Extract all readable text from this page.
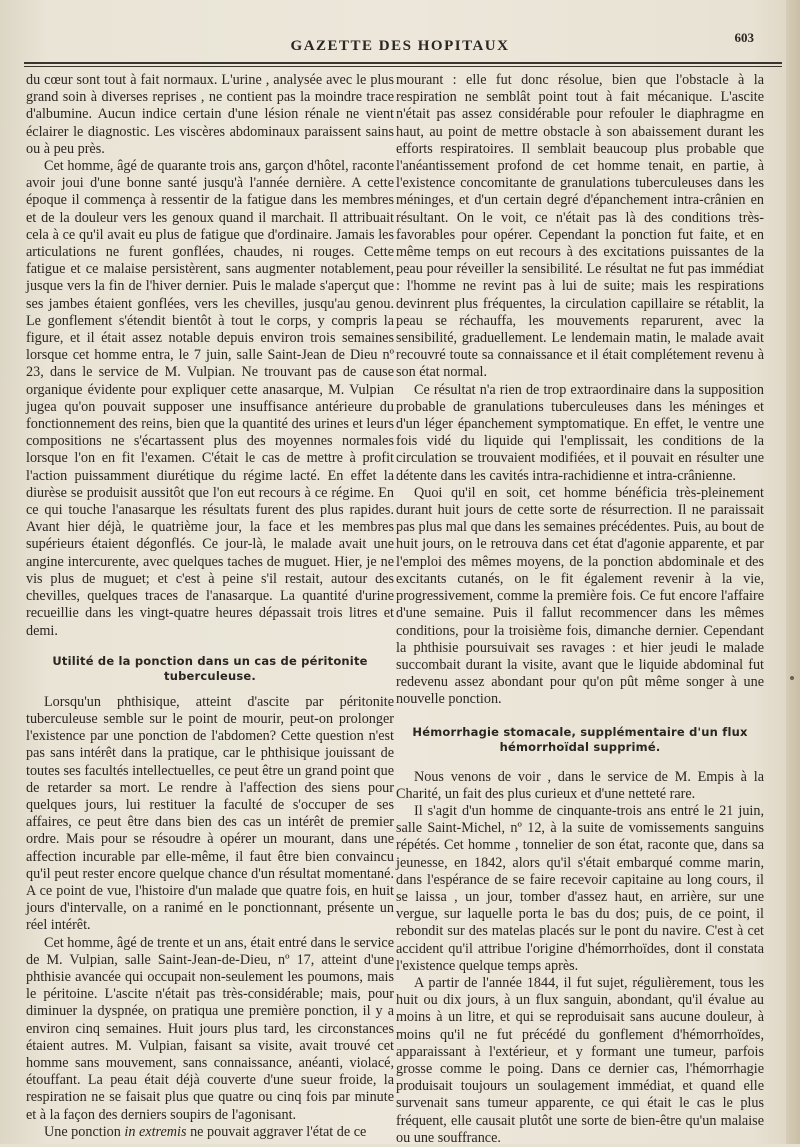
GAZETTE DES HOPITAUX
603

du cœur sont tout à fait normaux. L'urine , analysée avec le plus grand soin à diverses reprises , ne contient pas la moindre trace d'albumine. Aucun indice certain d'une lésion rénale ne vient éclairer le diagnostic. Les viscères abdominaux paraissent sains ou à peu près.

Cet homme, âgé de quarante trois ans, garçon d'hôtel, raconte avoir joui d'une bonne santé jusqu'à l'année dernière. A cette époque il commença à ressentir de la fatigue dans les membres et de la douleur vers les genoux quand il marchait. Il attribuait cela à ce qu'il avait eu plus de fatigue que d'ordinaire. Jamais les articulations ne furent gonflées, chaudes, ni rouges. Cette fatigue et ce malaise persistèrent, sans augmenter notablement, jusque vers la fin de l'hiver dernier. Puis le malade s'aperçut que ses jambes étaient gonflées, vers les chevilles, jusqu'au genou. Le gonflement s'étendit bientôt à tout le corps, y compris la figure, et il était assez notable depuis environ trois semaines lorsque cet homme entra, le 7 juin, salle Saint-Jean de Dieu nº 23, dans le service de M. Vulpian. Ne trouvant pas de cause organique évidente pour expliquer cette anasarque, M. Vulpian jugea qu'on pouvait supposer une insuffisance antérieure du fonctionnement des reins, bien que la quantité des urines et leurs compositions ne s'écartassent plus des moyennes normales lorsque l'on en fit l'examen. C'était le cas de mettre à profit l'action puissamment diurétique du régime lacté. En effet la diurèse se produisit aussitôt que l'on eut recours à ce régime. En ce qui touche l'anasarque les résultats furent des plus rapides. Avant hier déjà, le quatrième jour, la face et les membres supérieurs étaient dégonflés. Ce jour-là, le malade avait une angine intercurente, avec quelques taches de muguet. Hier, je ne vis plus de muguet; et c'est à peine s'il restait, autour des chevilles, quelques traces de l'anasarque. La quantité d'urine recueillie dans les vingt-quatre heures dépassait trois litres et demi.

Utilité de la ponction dans un cas de péritonite tuberculeuse.

Lorsqu'un phthisique, atteint d'ascite par péritonite tuberculeuse semble sur le point de mourir, peut-on prolonger l'existence par une ponction de l'abdomen? Cette question n'est pas sans intérêt dans la pratique, car le phthisique jouissant de toutes ses facultés intellectuelles, ce peut être un grand point que de retarder sa mort. Le rendre à l'affection des siens pour quelques jours, lui restituer la faculté de s'occuper de ses affaires, ce peut être dans bien des cas un intérêt de premier ordre. Mais pour se résoudre à opérer un mourant, dans une affection incurable par elle-même, il faut être bien convaincu qu'il peut rester encore quelque chance d'un résultat momentané. A ce point de vue, l'histoire d'un malade que quatre fois, en huit jours d'intervalle, on a ranimé en le ponctionnant, présente un réel intérêt.

Cet homme, âgé de trente et un ans, était entré dans le service de M. Vulpian, salle Saint-Jean-de-Dieu, nº 17, atteint d'une phthisie avancée qui occupait non-seulement les poumons, mais le péritoine. L'ascite n'était pas très-considérable; mais, pour diminuer la dyspnée, on pratiqua une première ponction, il y a environ cinq semaines. Huit jours plus tard, les circonstances étaient autres. M. Vulpian, faisant sa visite, avait trouvé cet homme sans mouvement, sans connaissance, anéanti, violacé, étouffant. La peau était déjà couverte d'une sueur froide, la respiration ne se faisait plus que quatre ou cinq fois par minute et à la façon des derniers soupirs de l'agonisant.

Une ponction in extremis ne pouvait aggraver l'état de ce

mourant : elle fut donc résolue, bien que l'obstacle à la respiration ne semblât point tout à fait mécanique. L'ascite n'était pas assez considérable pour refouler le diaphragme en haut, au point de mettre obstacle à son abaissement durant les efforts respiratoires. Il semblait beaucoup plus probable que l'anéantissement profond de cet homme tenait, en partie, à l'existence concomitante de granulations tuberculeuses dans les méninges, et d'un certain degré d'épanchement intra-crânien en résultant. On le voit, ce n'était pas là des conditions très-favorables pour opérer. Cependant la ponction fut faite, et en même temps on eut recours à des excitations puissantes de la peau pour réveiller la sensibilité. Le résultat ne fut pas immédiat : l'homme ne revint pas à lui de suite; mais les respirations devinrent plus fréquentes, la circulation capillaire se rétablit, la peau se réchauffa, les mouvements reparurent, avec la sensibilité, graduellement. Le lendemain matin, le malade avait recouvré toute sa connaissance et il était complétement revenu à son état normal.

Ce résultat n'a rien de trop extraordinaire dans la supposition probable de granulations tuberculeuses dans les méninges et d'un léger épanchement symptomatique. En effet, le ventre une fois vidé du liquide qui l'emplissait, les conditions de la circulation se trouvaient modifiées, et il pouvait en résulter une détente dans les cavités intra-rachidienne et intra-crânienne.

Quoi qu'il en soit, cet homme bénéficia très-pleinement durant huit jours de cette sorte de résurrection. Il ne paraissait pas plus mal que dans les semaines précédentes. Puis, au bout de huit jours, on le retrouva dans cet état d'agonie apparente, et par l'emploi des mêmes moyens, de la ponction abdominale et des excitants cutanés, on le fit également revenir à la vie, progressivement, comme la première fois. Ce fut encore l'affaire d'une semaine. Puis il fallut recommencer dans les mêmes conditions, pour la troisième fois, dimanche dernier. Cependant la phthisie poursuivait ses ravages : et hier jeudi le malade succombait durant la visite, avant que le liquide abdominal fut redevenu assez abondant pour qu'on pût même songer à une nouvelle ponction.

Hémorrhagie stomacale, supplémentaire d'un flux hémorrhoïdal supprimé.

Nous venons de voir , dans le service de M. Empis à la Charité, un fait des plus curieux et d'une netteté rare.

Il s'agit d'un homme de cinquante-trois ans entré le 21 juin, salle Saint-Michel, nº 12, à la suite de vomissements sanguins répétés. Cet homme , tonnelier de son état, raconte que, dans sa jeunesse, en 1842, alors qu'il s'était embarqué comme marin, dans l'espérance de se faire recevoir capitaine au long cours, il se laissa , un jour, tomber d'assez haut, en arrière, sur une vergue, sur laquelle porta le bas du dos; puis, de ce point, il rebondit sur des matelas placés sur le pont du navire. C'est à cet accident qu'il attribue l'origine d'hémorrhoïdes, dont il constata l'existence quelque temps après.

A partir de l'année 1844, il fut sujet, régulièrement, tous les huit ou dix jours, à un flux sanguin, abondant, qu'il évalue au moins à un litre, et qui se reproduisait sans aucune douleur, à moins qu'il ne fut précédé du gonflement d'hémorrhoïdes, apparaissant à l'extérieur, et y formant une tumeur, parfois grosse comme le poing. Dans ce dernier cas, l'hémorrhagie produisait toujours un soulagement immédiat, et quand elle survenait sans tumeur apparente, ce qui était le cas le plus fréquent, elle causait plutôt une sorte de bien-être qu'un malaise ou une souffrance.
